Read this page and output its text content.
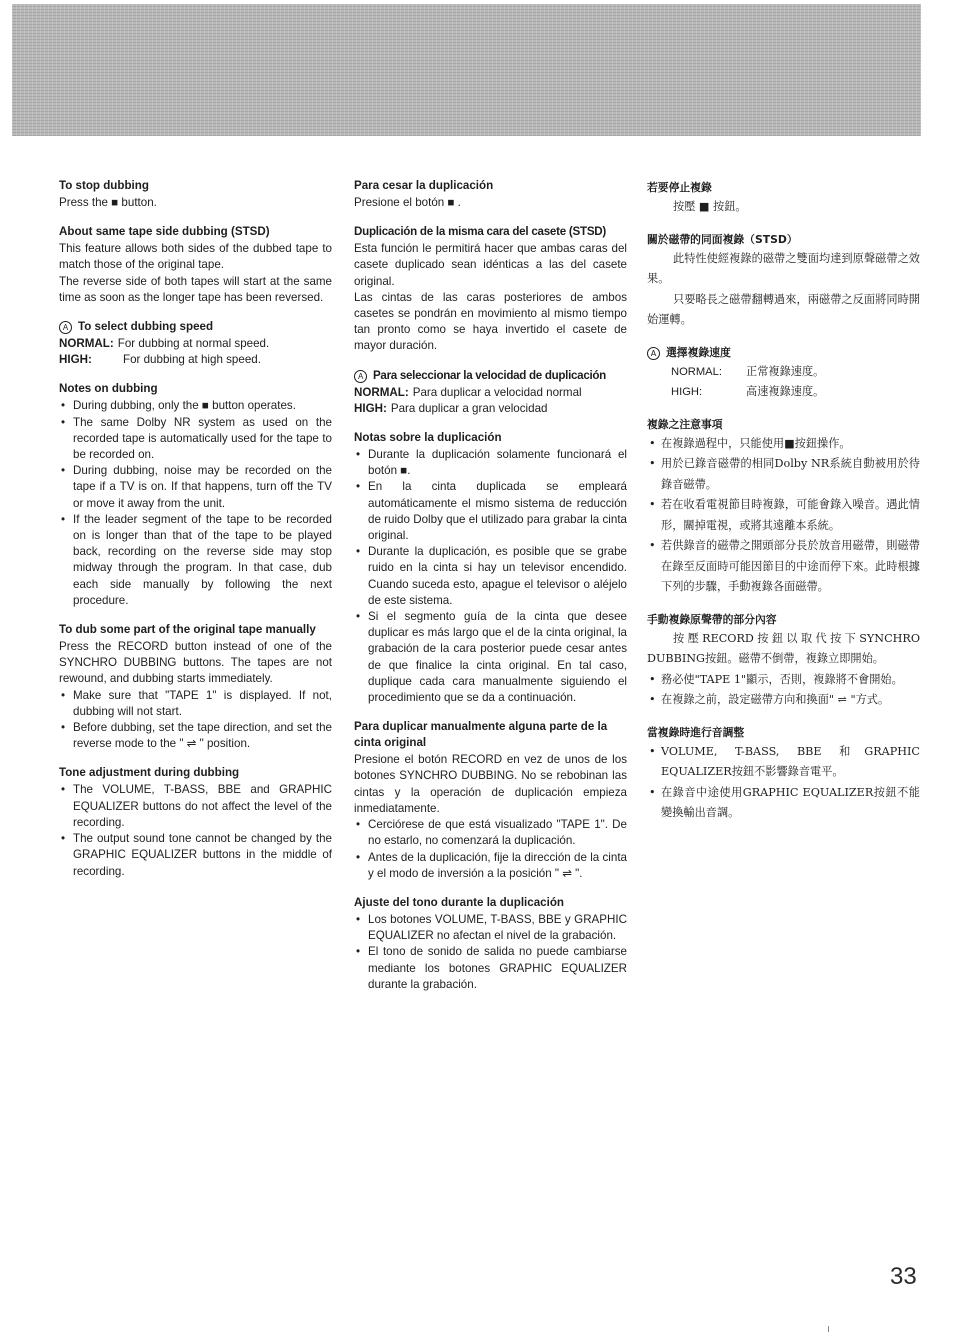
To stop dubbing

Press the ■ button.

About same tape side dubbing (STSD)

This feature allows both sides of the dubbed tape to match those of the original tape.

The reverse side of both tapes will start at the same time as soon as the longer tape has been reversed.

A To select dubbing speed
NORMAL: For dubbing at normal speed.
HIGH:	For dubbing at high speed.
Notes on dubbing
• During dubbing, only the ■ button operates.
• The same Dolby NR system as used on the recorded tape is automatically used for the tape to be recorded on.
• During dubbing, noise may be recorded on the tape if a TV is on. If that happens, turn off the TV or move it away from the unit.
• If the leader segment of the tape to be recorded on is longer than that of the tape to be played back, recording on the reverse side may stop midway through the program. In that case, dub each side manually by following the next procedure.
To dub some part of the original tape manually

Press the RECORD button instead of one of the SYNCHRO DUBBING buttons. The tapes are not rewound, and dubbing starts immediately.

• Make sure that "TAPE 1" is displayed. If not, dubbing will not start.
• Before dubbing, set the tape direction, and set the reverse mode to the " ⇌ " position.
Tone adjustment during dubbing
• The VOLUME, T-BASS, BBE and GRAPHIC EQUALIZER buttons do not affect the level of the recording.
• The output sound tone cannot be changed by the GRAPHIC EQUALIZER buttons in the middle of recording.
Para cesar la duplicación

Presione el botón ■ .

Duplicación de la misma cara del casete (STSD)

Esta función le permitirá hacer que ambas caras del casete duplicado sean idénticas a las del casete original.

Las cintas de las caras posteriores de ambos casetes se pondrán en movimiento al mismo tiempo tan pronto como se haya invertido el casete de mayor duración.

A Para seleccionar la velocidad de duplicación
NORMAL: Para duplicar a velocidad normal
HIGH: Para duplicar a gran velocidad
Notas sobre la duplicación
• Durante la duplicación solamente funcionará el botón ■.
• En la cinta duplicada se empleará automáticamente el mismo sistema de reducción de ruido Dolby que el utilizado para grabar la cinta original.
• Durante la duplicación, es posible que se grabe ruido en la cinta si hay un televisor encendido. Cuando suceda esto, apague el televisor o aléjelo de este sistema.
• Si el segmento guía de la cinta que desee duplicar es más largo que el de la cinta original, la grabación de la cara posterior puede cesar antes de que finalice la cinta original. En tal caso, duplique cada cara manualmente siguiendo el procedimiento que se da a continuación.
Para duplicar manualmente alguna parte de la cinta original

Presione el botón RECORD en vez de unos de los botones SYNCHRO DUBBING. No se rebobinan las cintas y la operación de duplicación empieza inmediatamente.

• Cerciórese de que está visualizado "TAPE 1". De no estarlo, no comenzará la duplicación.
• Antes de la duplicación, fije la dirección de la cinta y el modo de inversión a la posición " ⇌ ".
Ajuste del tono durante la duplicación
• Los botones VOLUME, T-BASS, BBE y GRAPHIC EQUALIZER no afectan el nivel de la grabación.
• El tono de sonido de salida no puede cambiarse mediante los botones GRAPHIC EQUALIZER durante la grabación.
若要停止複錄

按壓 ■ 按鈕。

關於磁帶的同面複錄（STSD）

此特性使經複錄的磁帶之雙面均達到原聲磁帶之效果。

只要略長之磁帶翻轉過來，兩磁帶之反面將同時開始運轉。

A 選擇複錄速度
NORMAL:	正常複錄速度。
HIGH:	高速複錄速度。
複錄之注意事項
• 在複錄過程中，只能使用■按鈕操作。
• 用於已錄音磁帶的相同Dolby NR系統自動被用於待錄音磁帶。
• 若在收看電視節目時複錄，可能會錄入噪音。遇此情形，關掉電視，或將其遠離本系統。
• 若供錄音的磁帶之開頭部分長於放音用磁帶，則磁帶在錄至反面時可能因節目的中途而停下來。此時根據下列的步驟，手動複錄各面磁帶。
手動複錄原聲帶的部分內容

按壓RECORD按鈕以取代按下SYNCHRO DUBBING按鈕。磁帶不倒帶，複錄立即開始。

• 務必使"TAPE 1"顯示，否則，複錄將不會開始。
• 在複錄之前，設定磁帶方向和換面" ⇌ "方式。
當複錄時進行音調整
• VOLUME, T-BASS, BBE 和GRAPHIC EQUALIZER按鈕不影響錄音電平。
• 在錄音中途使用GRAPHIC EQUALIZER按鈕不能變換輸出音調。
33
